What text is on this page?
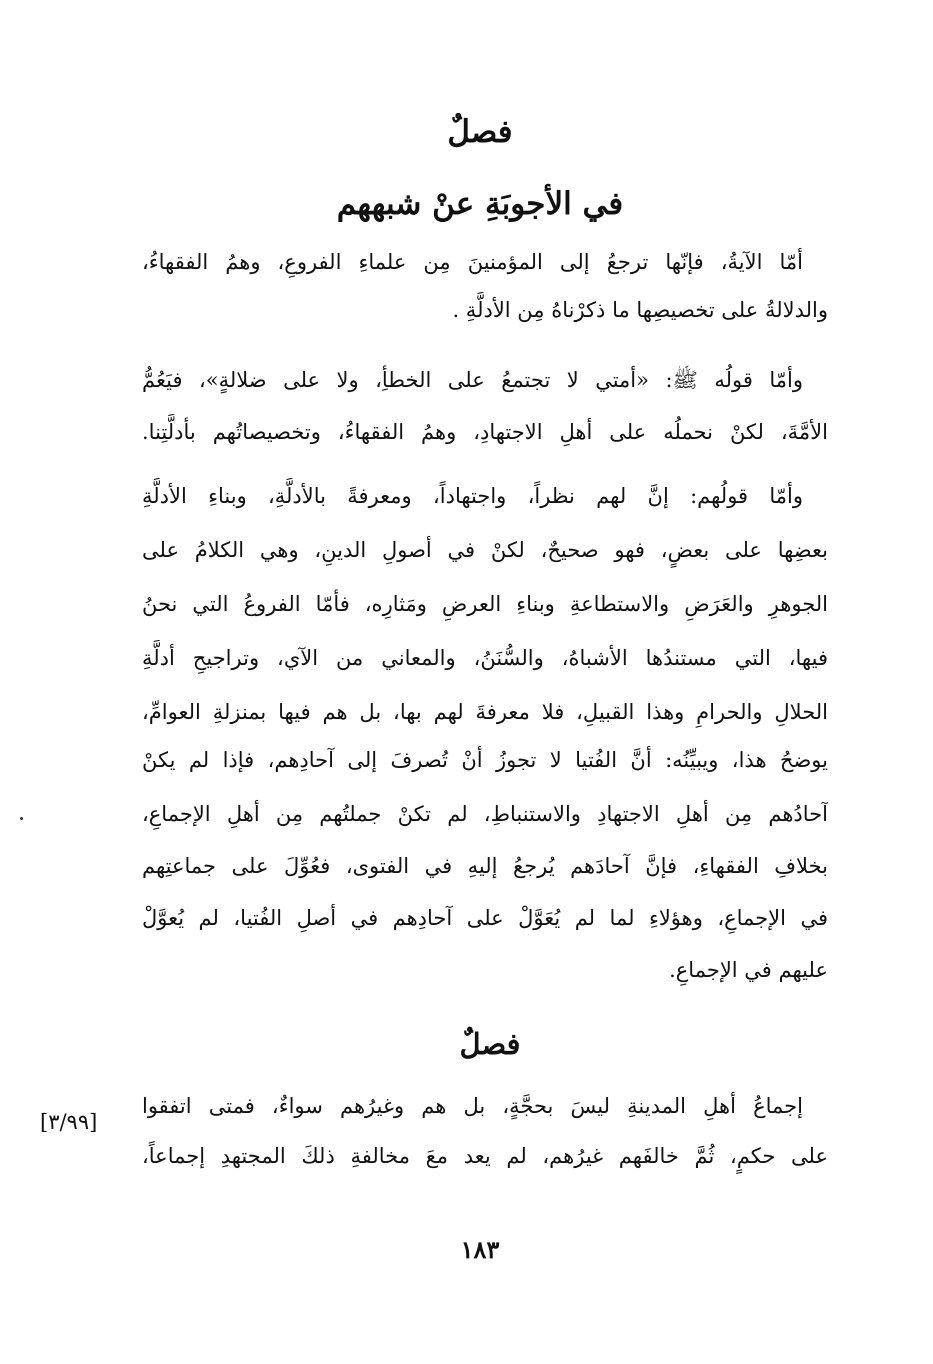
فصلٌ
في الأجوبَةِ عنْ شبههم
أمّا الآيةُ، فإنّها ترجعُ إلى المؤمنينَ مِن علماءِ الفروعِ، وهمُ الفقهاءُ،
والدلالةُ على تخصيصِها ما ذكرْناهُ مِن الأدلَّةِ .
وأمّا قولُه ﷺ: «أمتي لا تجتمعُ على الخطأِ، ولا على ضلالةٍ»، فيَعُمُّ
الأمَّةَ، لكنْ نحملُه على أهلِ الاجتهادِ، وهمُ الفقهاءُ، وتخصيصاتُهم بأدلَّتِنا.
وأمّا قولُهم: إنَّ لهم نظراً، واجتهاداً، ومعرفةً بالأدلَّةِ، وبناءِ الأدلَّةِ
بعضِها على بعضٍ، فهو صحيحٌ، لكنْ في أصولِ الدينِ، وهي الكلامُ على
الجوهرِ والعَرَضِ والاستطاعةِ وبناءِ العرضِ ومَثارِه، فأمّا الفروعُ التي نحنُ
فيها، التي مستندُها الأشباهُ، والسُّنَنُ، والمعاني من الآي، وتراجيحِ أدلَّةِ
الحلالِ والحرامِ وهذا القبيلِ، فلا معرفةَ لهم بها، بل هم فيها بمنزلةِ العوامِّ،
يوضحُ هذا، ويبيِّنُه: أنَّ الفُتيا لا تجوزُ أنْ تُصرفَ إلى آحادِهم، فإذا لم يكنْ
آحادُهم مِن أهلِ الاجتهادِ والاستنباطِ، لم تكنْ جملتُهم مِن أهلِ الإجماعِ،
بخلافِ الفقهاءِ، فإنَّ آحادَهم يُرجعُ إليهِ في الفتوى، فعُوِّلَ على جماعتِهم
في الإجماعِ، وهؤلاءِ لما لم يُعَوَّلْ على آحادِهم في أصلِ الفُتيا، لم يُعوَّلْ
عليهم في الإجماعِ.
فصلٌ
إجماعُ أهلِ المدينةِ ليسَ بحجَّةٍ، بل هم وغيرُهم سواءٌ، فمتى اتفقوا
على حكمٍ، ثُمَّ خالفَهم غيرُهم، لم يعد معَ مخالفةِ ذلكَ المجتهدِ إجماعاً،
[٣/٩٩]
١٨٣
